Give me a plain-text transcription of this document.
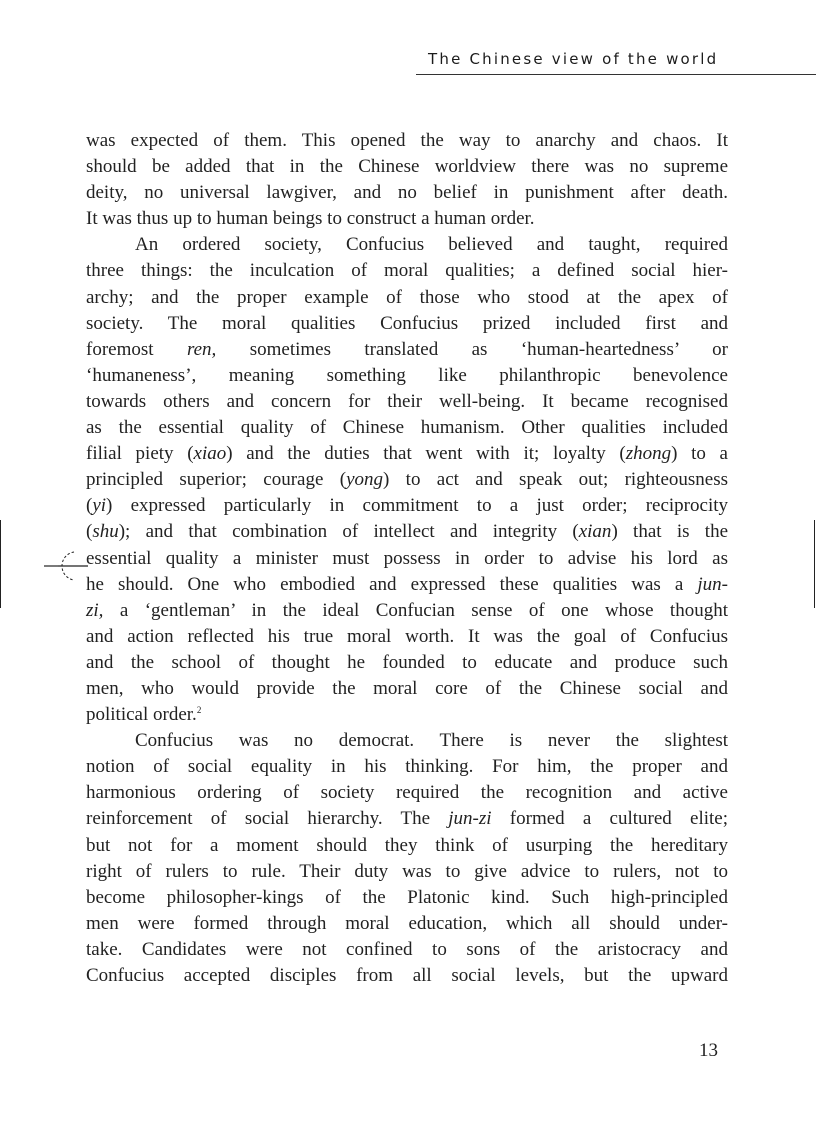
The Chinese view of the world
was expected of them. This opened the way to anarchy and chaos. It
should be added that in the Chinese worldview there was no supreme
deity, no universal lawgiver, and no belief in punishment after death.
It was thus up to human beings to construct a human order.
An ordered society, Confucius believed and taught, required
three things: the inculcation of moral qualities; a defined social hier-
archy; and the proper example of those who stood at the apex of
society. The moral qualities Confucius prized included first and
foremost ren, sometimes translated as ‘human-heartedness’ or
‘humaneness’, meaning something like philanthropic benevolence
towards others and concern for their well-being. It became recognised
as the essential quality of Chinese humanism. Other qualities included
filial piety (xiao) and the duties that went with it; loyalty (zhong) to a
principled superior; courage (yong) to act and speak out; righteousness
(yi) expressed particularly in commitment to a just order; reciprocity
(shu); and that combination of intellect and integrity (xian) that is the
essential quality a minister must possess in order to advise his lord as
he should. One who embodied and expressed these qualities was a jun-
zi, a ‘gentleman’ in the ideal Confucian sense of one whose thought
and action reflected his true moral worth. It was the goal of Confucius
and the school of thought he founded to educate and produce such
men, who would provide the moral core of the Chinese social and
political order.$^2$
Confucius was no democrat. There is never the slightest
notion of social equality in his thinking. For him, the proper and
harmonious ordering of society required the recognition and active
reinforcement of social hierarchy. The jun-zi formed a cultured elite;
but not for a moment should they think of usurping the hereditary
right of rulers to rule. Their duty was to give advice to rulers, not to
become philosopher-kings of the Platonic kind. Such high-principled
men were formed through moral education, which all should under-
take. Candidates were not confined to sons of the aristocracy and
Confucius accepted disciples from all social levels, but the upward
13
